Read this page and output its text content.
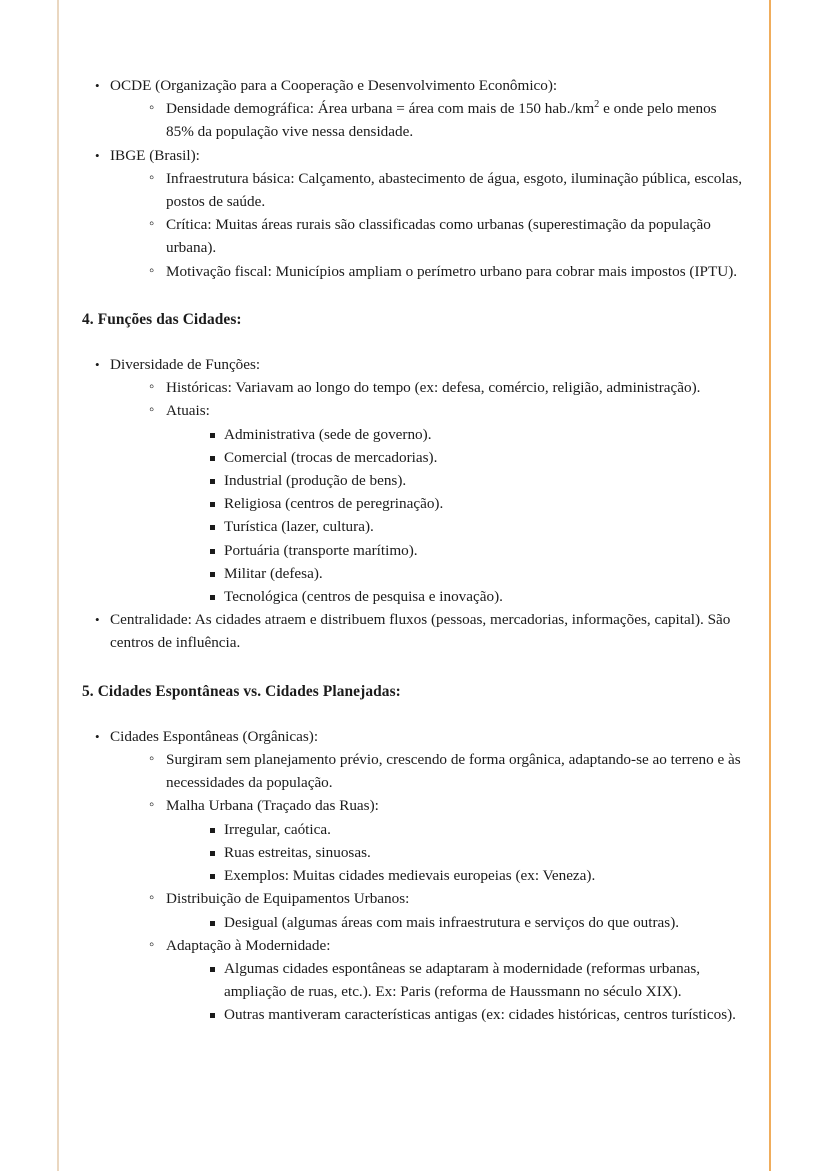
• OCDE (Organização para a Cooperação e Desenvolvimento Econômico):
◦ Densidade demográfica: Área urbana = área com mais de 150 $hab./km^2$ e onde pelo menos 85% da população vive nessa densidade.
• IBGE (Brasil):
◦ Infraestrutura básica: Calçamento, abastecimento de água, esgoto, iluminação pública, escolas, postos de saúde.
◦ Crítica: Muitas áreas rurais são classificadas como urbanas (superestimação da população urbana).
◦ Motivação fiscal: Municípios ampliam o perímetro urbano para cobrar mais impostos (IPTU).
4. Funções das Cidades:
• Diversidade de Funções:
◦ Históricas: Variavam ao longo do tempo (ex: defesa, comércio, religião, administração).
◦ Atuais:
Administrativa (sede de governo).
Comercial (trocas de mercadorias).
Industrial (produção de bens).
Religiosa (centros de peregrinação).
Turística (lazer, cultura).
Portuária (transporte marítimo).
Militar (defesa).
Tecnológica (centros de pesquisa e inovação).
• Centralidade: As cidades atraem e distribuem fluxos (pessoas, mercadorias, informações, capital). São centros de influência.
5. Cidades Espontâneas vs. Cidades Planejadas:
• Cidades Espontâneas (Orgânicas):
◦ Surgiram sem planejamento prévio, crescendo de forma orgânica, adaptando-se ao terreno e às necessidades da população.
◦ Malha Urbana (Traçado das Ruas):
Irregular, caótica.
Ruas estreitas, sinuosas.
Exemplos: Muitas cidades medievais europeias (ex: Veneza).
◦ Distribuição de Equipamentos Urbanos:
Desigual (algumas áreas com mais infraestrutura e serviços do que outras).
◦ Adaptação à Modernidade:
Algumas cidades espontâneas se adaptaram à modernidade (reformas urbanas, ampliação de ruas, etc.). Ex: Paris (reforma de Haussmann no século XIX).
Outras mantiveram características antigas (ex: cidades históricas, centros turísticos).
